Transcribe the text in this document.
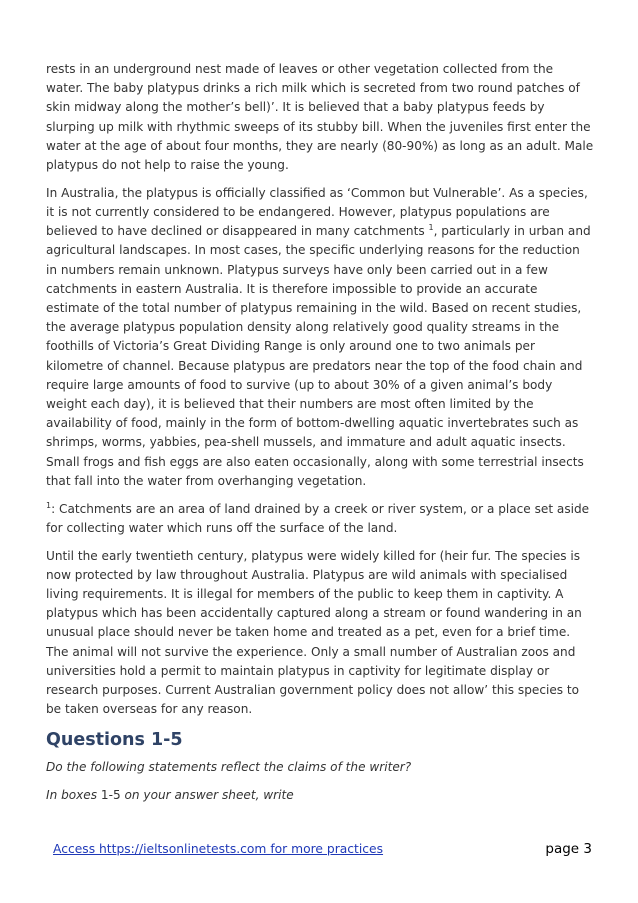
rests in an underground nest made of leaves or other vegetation collected from the water. The baby platypus drinks a rich milk which is secreted from two round patches of skin midway along the mother’s bell)’. It is believed that a baby platypus feeds by slurping up milk with rhythmic sweeps of its stubby bill. When the juveniles first enter the water at the age of about four months, they are nearly (80-90%) as long as an adult. Male platypus do not help to raise the young.

In Australia, the platypus is officially classified as ‘Common but Vulnerable’. As a species, it is not currently considered to be endangered. However, platypus populations are believed to have declined or disappeared in many catchments $^1$, particularly in urban and agricultural landscapes. In most cases, the specific underlying reasons for the reduction in numbers remain unknown. Platypus surveys have only been carried out in a few catchments in eastern Australia. It is therefore impossible to provide an accurate estimate of the total number of platypus remaining in the wild. Based on recent studies, the average platypus population density along relatively good quality streams in the foothills of Victoria’s Great Dividing Range is only around one to two animals per kilometre of channel. Because platypus are predators near the top of the food chain and require large amounts of food to survive (up to about 30% of a given animal’s body weight each day), it is believed that their numbers are most often limited by the availability of food, mainly in the form of bottom-dwelling aquatic invertebrates such as shrimps, worms, yabbies, pea-shell mussels, and immature and adult aquatic insects. Small frogs and fish eggs are also eaten occasionally, along with some terrestrial insects that fall into the water from overhanging vegetation.

$^1$: Catchments are an area of land drained by a creek or river system, or a place set aside for collecting water which runs off the surface of the land.

Until the early twentieth century, platypus were widely killed for (heir fur. The species is now protected by law throughout Australia. Platypus are wild animals with specialised living requirements. It is illegal for members of the public to keep them in captivity. A platypus which has been accidentally captured along a stream or found wandering in an unusual place should never be taken home and treated as a pet, even for a brief time. The animal will not survive the experience. Only a small number of Australian zoos and universities hold a permit to maintain platypus in captivity for legitimate display or research purposes. Current Australian government policy does not allow’ this species to be taken overseas for any reason.

Questions 1-5

Do the following statements reflect the claims of the writer?

In boxes 1-5 on your answer sheet, write

Access https://ieltsonlinetests.com for more practices	page 3
